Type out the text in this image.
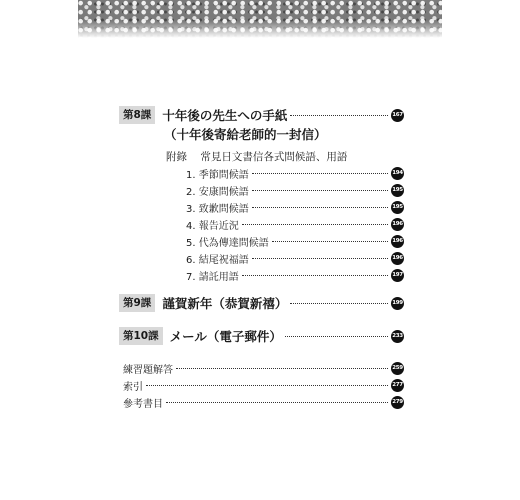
第8課 十年後の先生への手紙	167
（十年後寄給老師的一封信）
附錄 常見日文書信各式問候語、用語
1. 季節問候語	194
2. 安康問候語	195
3. 致歉問候語	195
4. 報告近況	196
5. 代為傳達問候語	196
6. 結尾祝福語	196
7. 請託用語	197
第9課 謹賀新年（恭賀新禧）	199
第10課 メール（電子郵件）	233
練習題解答	259
索引	277
參考書目	279
